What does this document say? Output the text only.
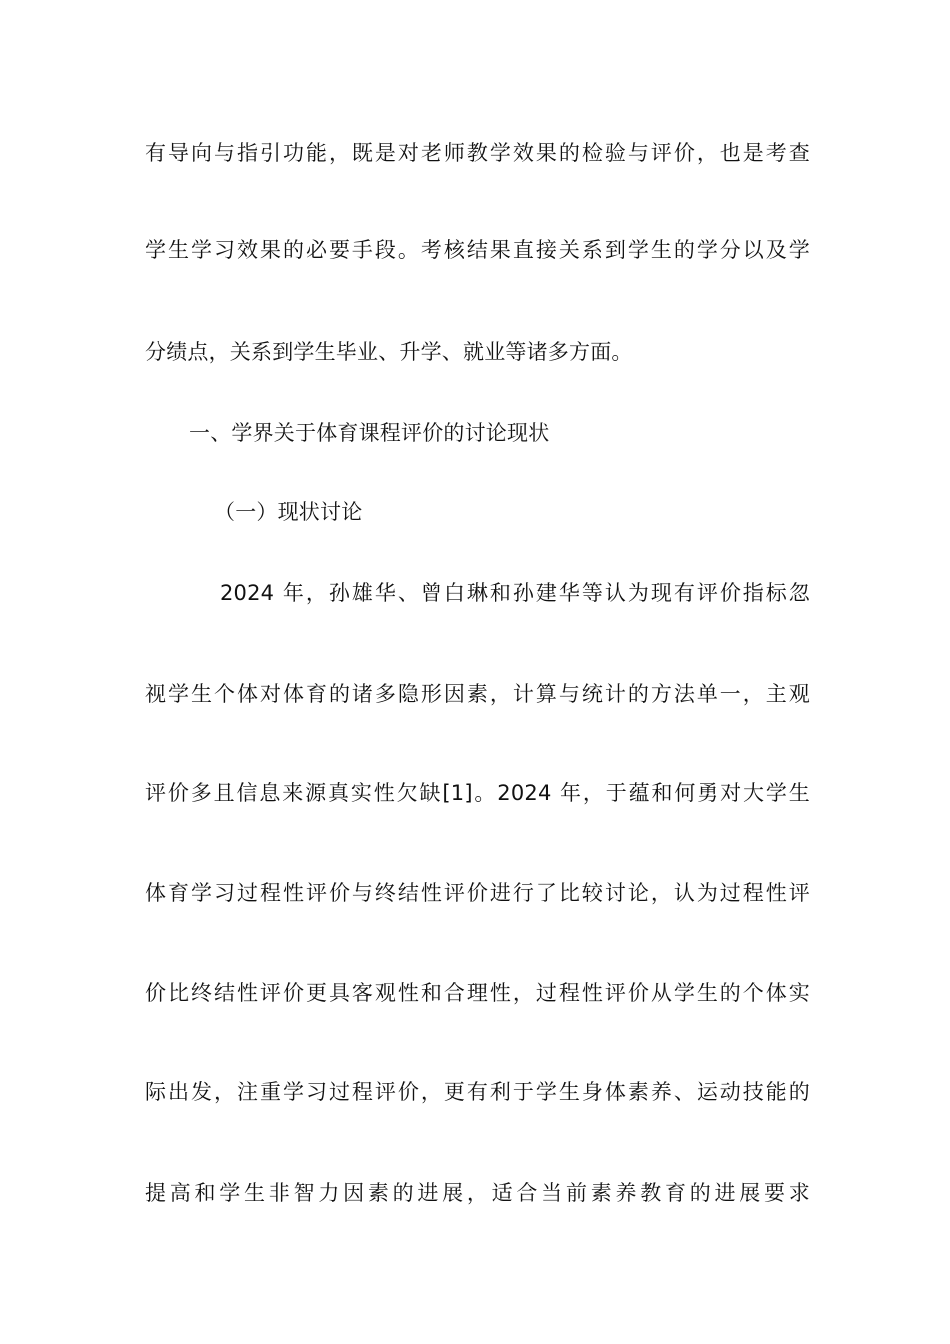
有导向与指引功能，既是对老师教学效果的检验与评价，也是考查
学生学习效果的必要手段。考核结果直接关系到学生的学分以及学
分绩点，关系到学生毕业、升学、就业等诸多方面。
一、学界关于体育课程评价的讨论现状
（一）现状讨论
2024 年，孙雄华、曾白琳和孙建华等认为现有评价指标忽
视学生个体对体育的诸多隐形因素，计算与统计的方法单一，主观
评价多且信息来源真实性欠缺[1]。2024 年，于蕴和何勇对大学生
体育学习过程性评价与终结性评价进行了比较讨论，认为过程性评
价比终结性评价更具客观性和合理性，过程性评价从学生的个体实
际出发，注重学习过程评价，更有利于学生身体素养、运动技能的
提高和学生非智力因素的进展，适合当前素养教育的进展要求
